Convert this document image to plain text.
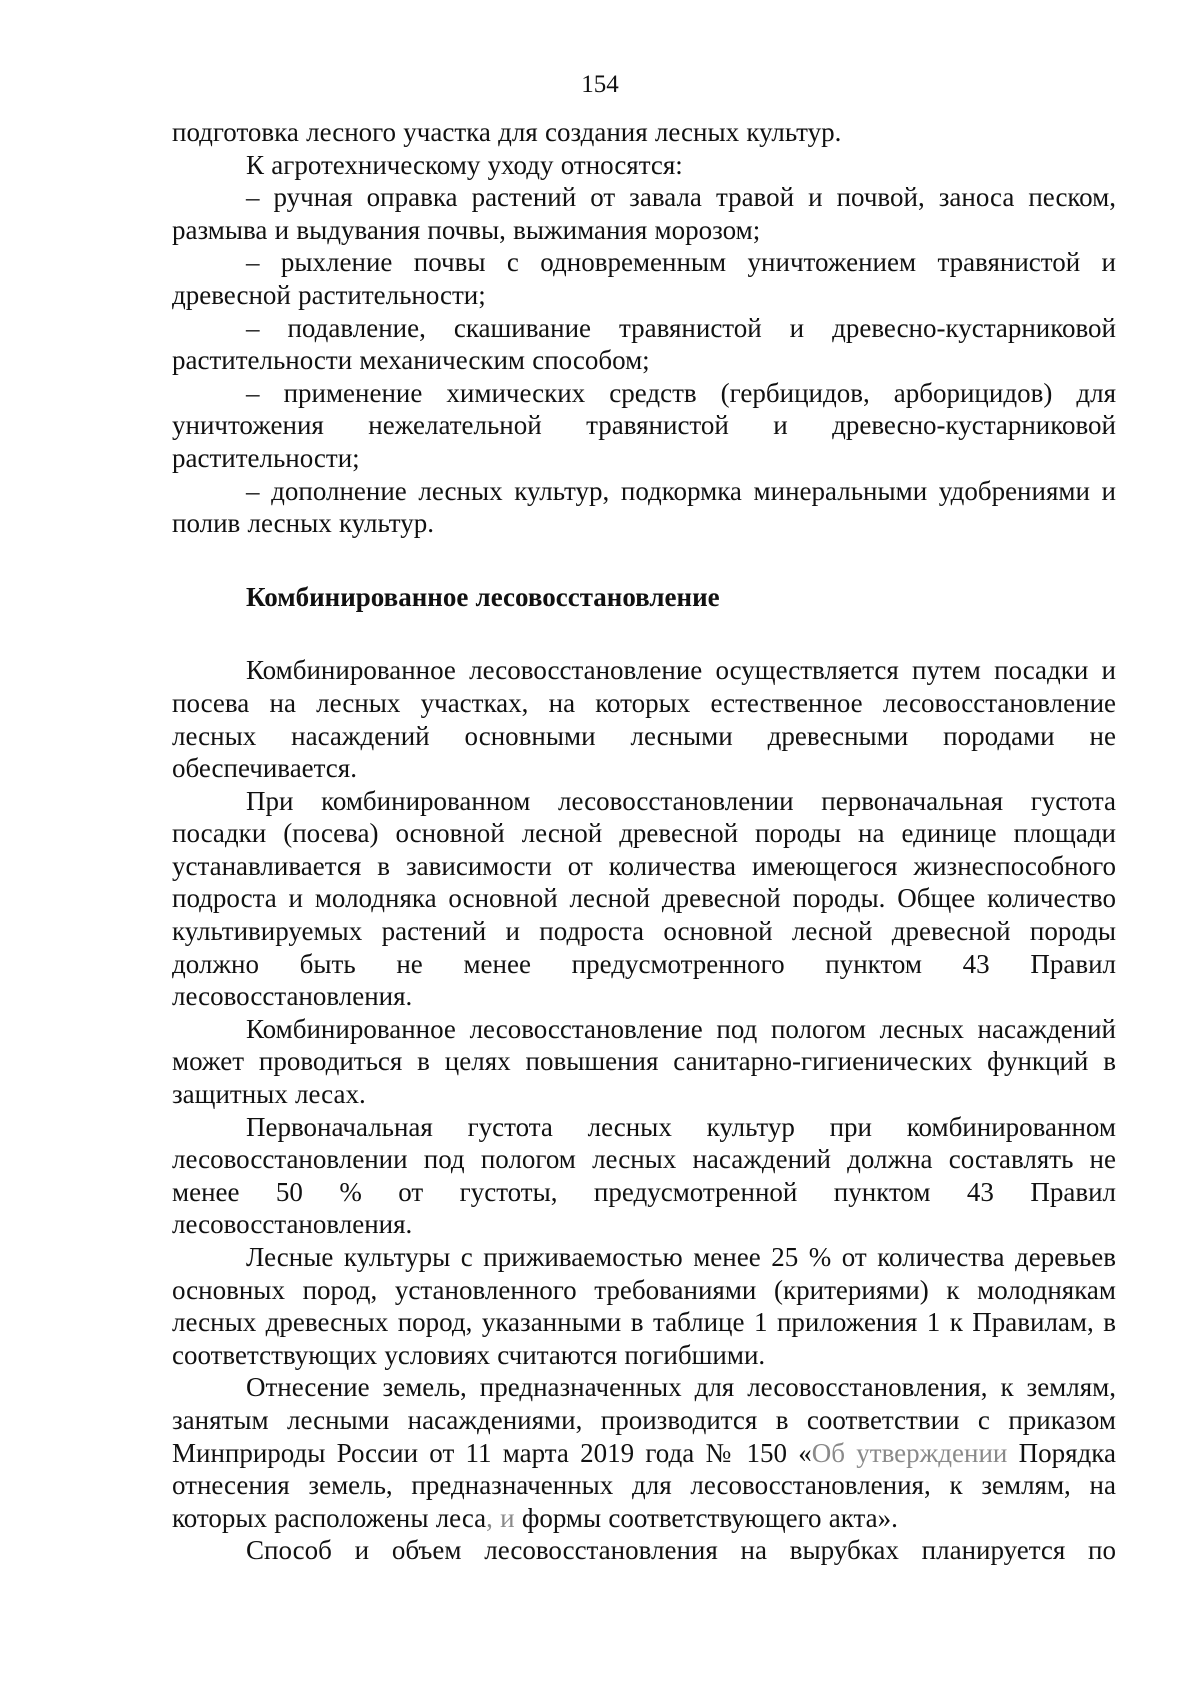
154

подготовка лесного участка для создания лесных культур.

К агротехническому уходу относятся:

– ручная оправка растений от завала травой и почвой, заноса песком, размыва и выдувания почвы, выжимания морозом;

– рыхление почвы с одновременным уничтожением травянистой и древесной растительности;

– подавление, скашивание травянистой и древесно-кустарниковой растительности механическим способом;

– применение химических средств (гербицидов, арборицидов) для уничтожения нежелательной травянистой и древесно-кустарниковой растительности;

– дополнение лесных культур, подкормка минеральными удобрениями и полив лесных культур.

Комбинированное лесовосстановление

Комбинированное лесовосстановление осуществляется путем посадки и посева на лесных участках, на которых естественное лесовосстановление лесных насаждений основными лесными древесными породами не обеспечивается.

При комбинированном лесовосстановлении первоначальная густота посадки (посева) основной лесной древесной породы на единице площади устанавливается в зависимости от количества имеющегося жизнеспособного подроста и молодняка основной лесной древесной породы. Общее количество культивируемых растений и подроста основной лесной древесной породы должно быть не менее предусмотренного пунктом 43 Правил лесовосстановления.

Комбинированное лесовосстановление под пологом лесных насаждений может проводиться в целях повышения санитарно-гигиенических функций в защитных лесах.

Первоначальная густота лесных культур при комбинированном лесовосстановлении под пологом лесных насаждений должна составлять не менее 50 % от густоты, предусмотренной пунктом 43 Правил лесовосстановления.

Лесные культуры с приживаемостью менее 25 % от количества деревьев основных пород, установленного требованиями (критериями) к молоднякам лесных древесных пород, указанными в таблице 1 приложения 1 к Правилам, в соответствующих условиях считаются погибшими.

Отнесение земель, предназначенных для лесовосстановления, к землям, занятым лесными насаждениями, производится в соответствии с приказом Минприроды России от 11 марта 2019 года № 150 «Об утверждении Порядка отнесения земель, предназначенных для лесовосстановления, к землям, на которых расположены леса, и формы соответствующего акта».

Способ и объем лесовосстановления на вырубках планируется по
